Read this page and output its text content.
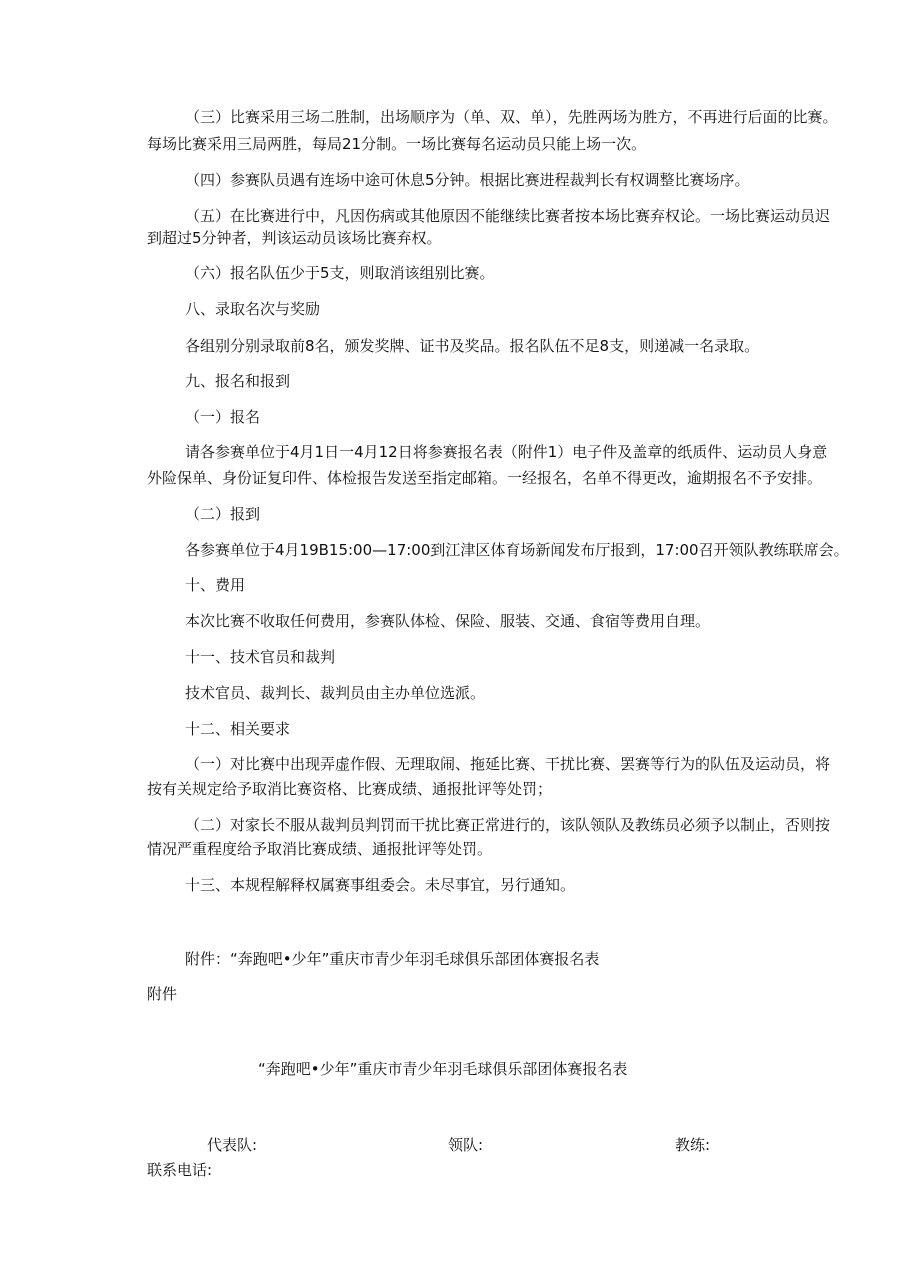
（三）比赛采用三场二胜制，出场顺序为（单、双、单），先胜两场为胜方，不再进行后面的比赛。
每场比赛采用三局两胜，每局21分制。一场比赛每名运动员只能上场一次。
（四）参赛队员遇有连场中途可休息5分钟。根据比赛进程裁判长有权调整比赛场序。
（五）在比赛进行中，凡因伤病或其他原因不能继续比赛者按本场比赛弃权论。一场比赛运动员迟
到超过5分钟者，判该运动员该场比赛弃权。
（六）报名队伍少于5支，则取消该组别比赛。
八、录取名次与奖励
各组别分别录取前8名，颁发奖牌、证书及奖品。报名队伍不足8支，则递减一名录取。
九、报名和报到
（一）报名
请各参赛单位于4月1日一4月12日将参赛报名表（附件1）电子件及盖章的纸质件、运动员人身意
外险保单、身份证复印件、体检报告发送至指定邮箱。一经报名，名单不得更改，逾期报名不予安排。
（二）报到
各参赛单位于4月19B15:00—17:00到江津区体育场新闻发布厅报到，17:00召开领队教练联席会。
十、费用
本次比赛不收取任何费用，参赛队体检、保险、服装、交通、食宿等费用自理。
十一、技术官员和裁判
技术官员、裁判长、裁判员由主办单位选派。
十二、相关要求
（一）对比赛中出现弄虚作假、无理取闹、拖延比赛、干扰比赛、罢赛等行为的队伍及运动员，将
按有关规定给予取消比赛资格、比赛成绩、通报批评等处罚；
（二）对家长不服从裁判员判罚而干扰比赛正常进行的，该队领队及教练员必须予以制止，否则按
情况严重程度给予取消比赛成绩、通报批评等处罚。
十三、本规程解释权属赛事组委会。未尽事宜，另行通知。
附件：“奔跑吧•少年”重庆市青少年羽毛球俱乐部团体赛报名表
附件
“奔跑吧•少年”重庆市青少年羽毛球俱乐部团体赛报名表
代表队:	领队:	教练:
联系电话:
